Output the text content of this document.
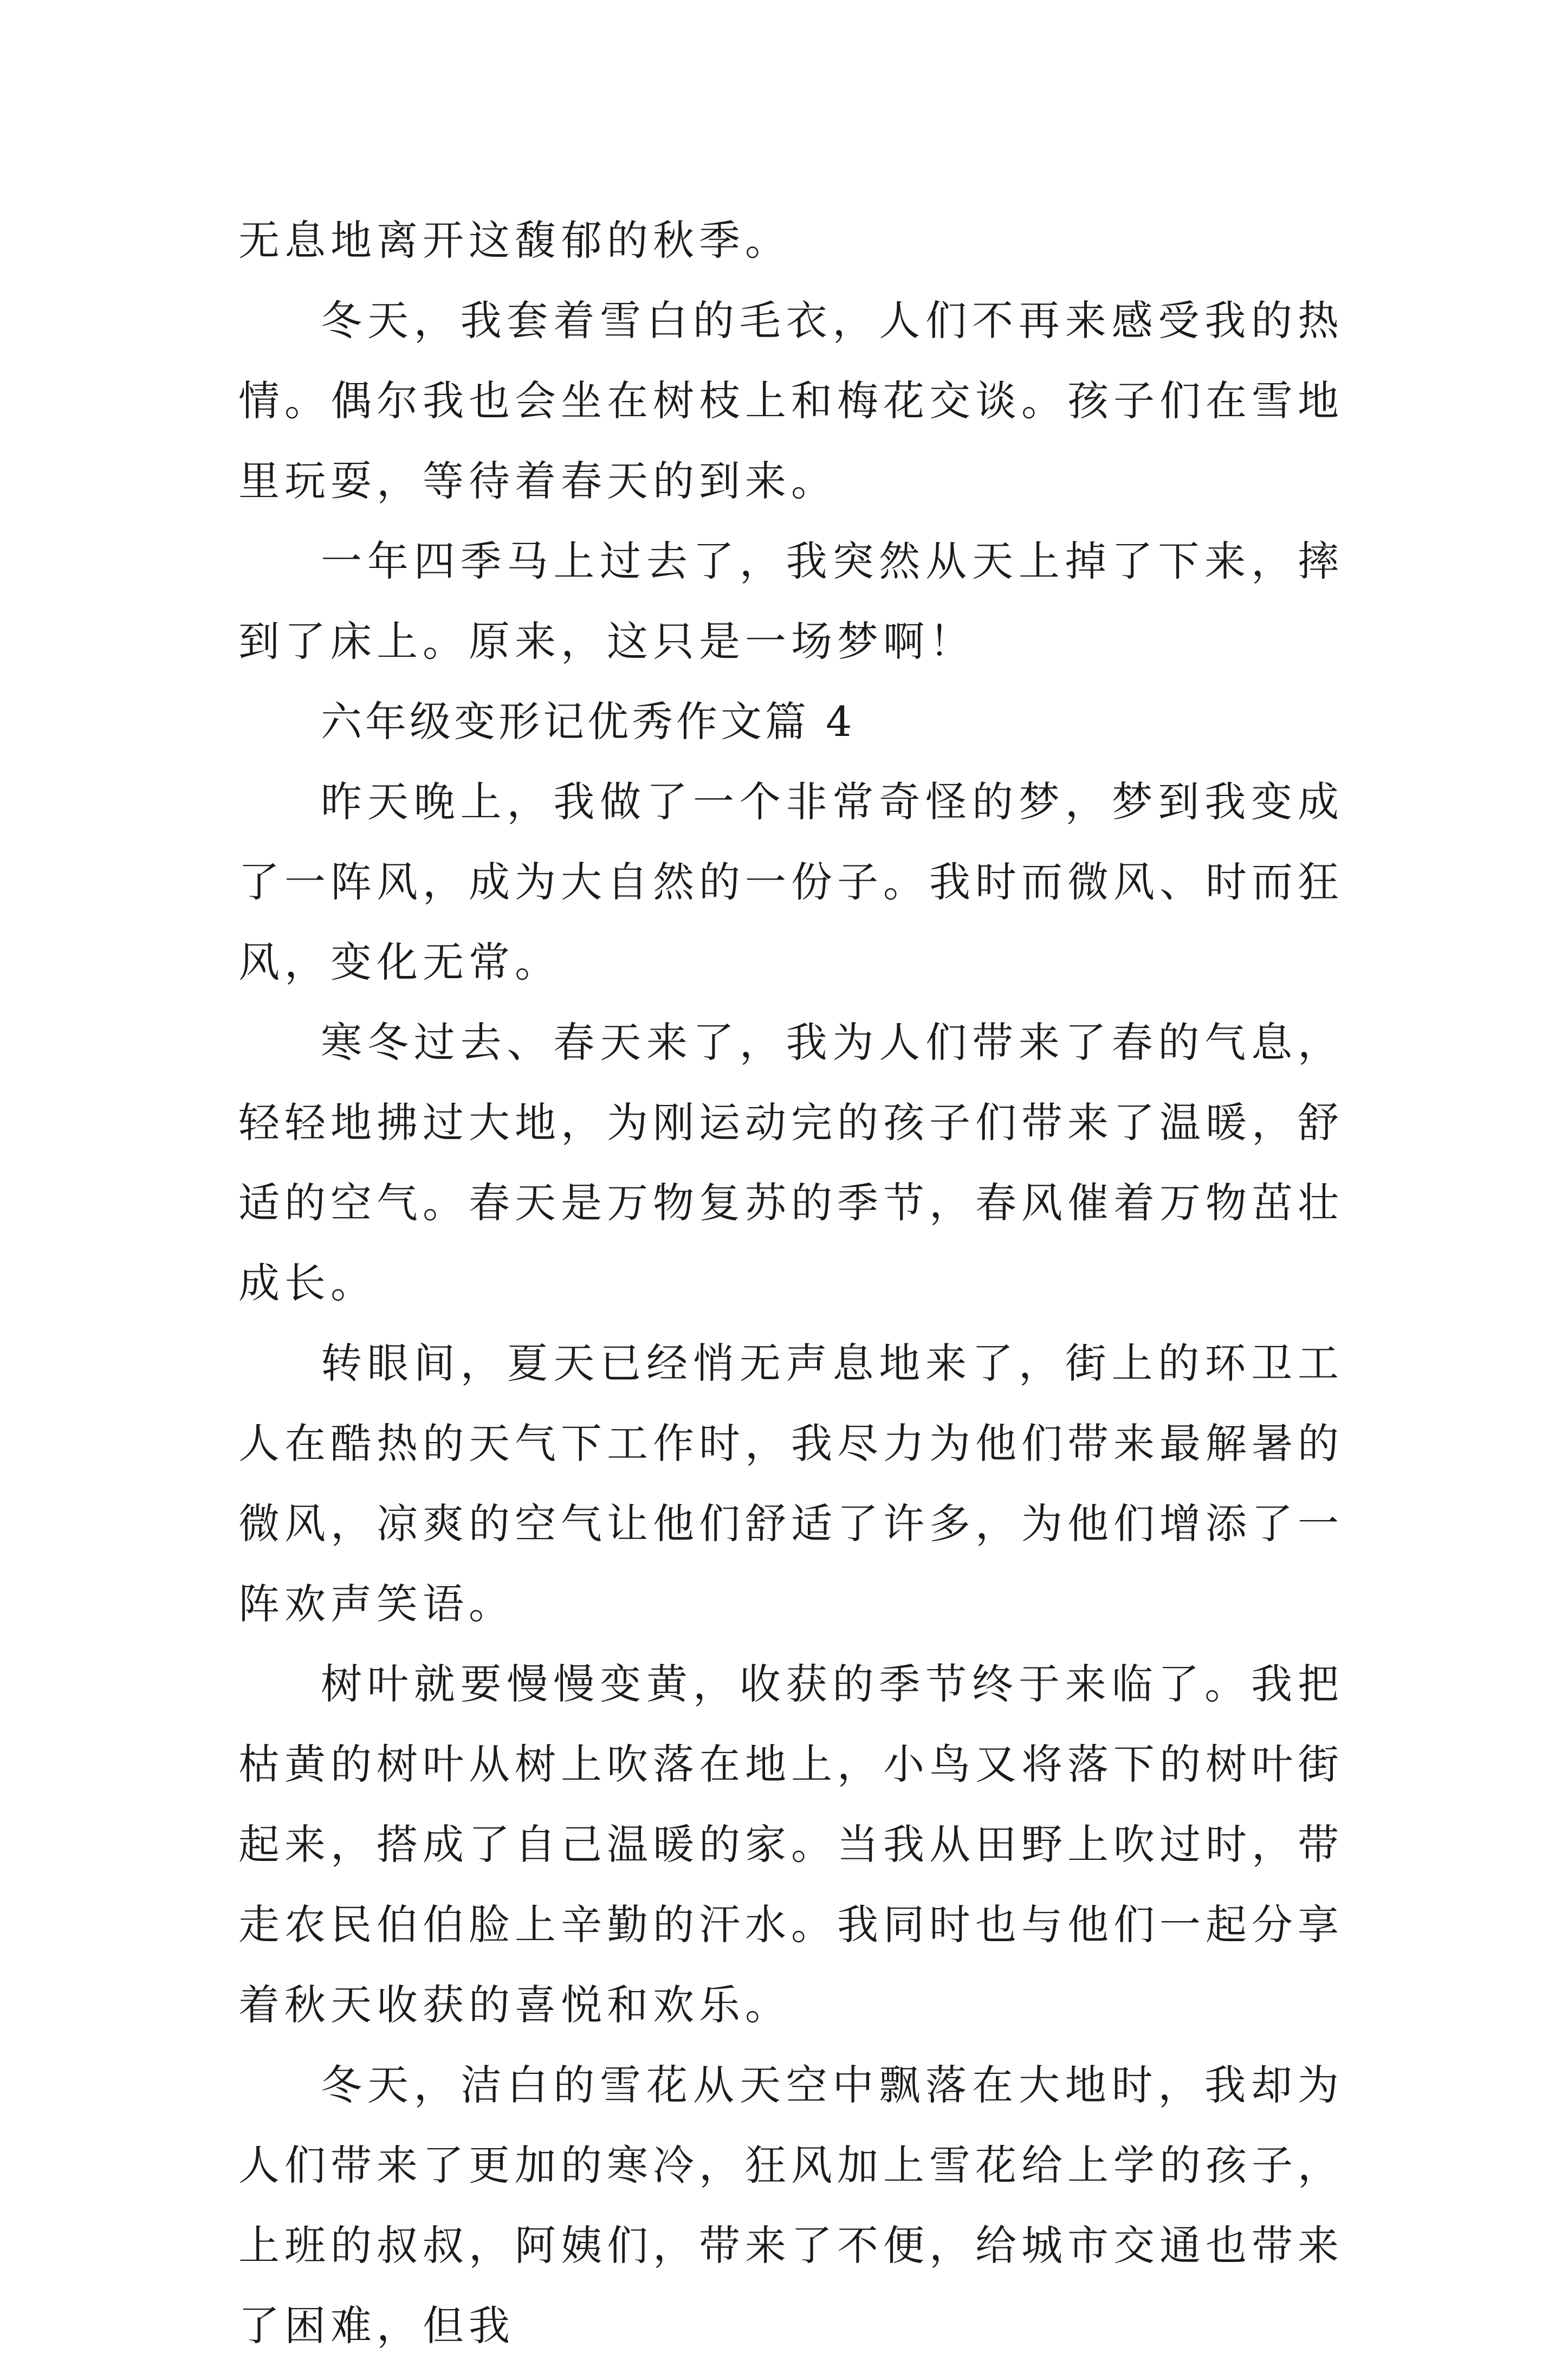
无息地离开这馥郁的秋季。

冬天，我套着雪白的毛衣，人们不再来感受我的热情。偶尔我也会坐在树枝上和梅花交谈。孩子们在雪地里玩耍，等待着春天的到来。

一年四季马上过去了，我突然从天上掉了下来，摔到了床上。原来，这只是一场梦啊！

六年级变形记优秀作文篇 4

昨天晚上，我做了一个非常奇怪的梦，梦到我变成了一阵风，成为大自然的一份子。我时而微风、时而狂风，变化无常。

寒冬过去、春天来了，我为人们带来了春的气息，轻轻地拂过大地，为刚运动完的孩子们带来了温暖，舒适的空气。春天是万物复苏的季节，春风催着万物茁壮成长。

转眼间，夏天已经悄无声息地来了，街上的环卫工人在酷热的天气下工作时，我尽力为他们带来最解暑的微风，凉爽的空气让他们舒适了许多，为他们增添了一阵欢声笑语。

树叶就要慢慢变黄，收获的季节终于来临了。我把枯黄的树叶从树上吹落在地上，小鸟又将落下的树叶街起来，搭成了自己温暖的家。当我从田野上吹过时，带走农民伯伯脸上辛勤的汗水。我同时也与他们一起分享着秋天收获的喜悦和欢乐。

冬天，洁白的雪花从天空中飘落在大地时，我却为人们带来了更加的寒冷，狂风加上雪花给上学的孩子，上班的叔叔，阿姨们，带来了不便，给城市交通也带来了困难，但我
